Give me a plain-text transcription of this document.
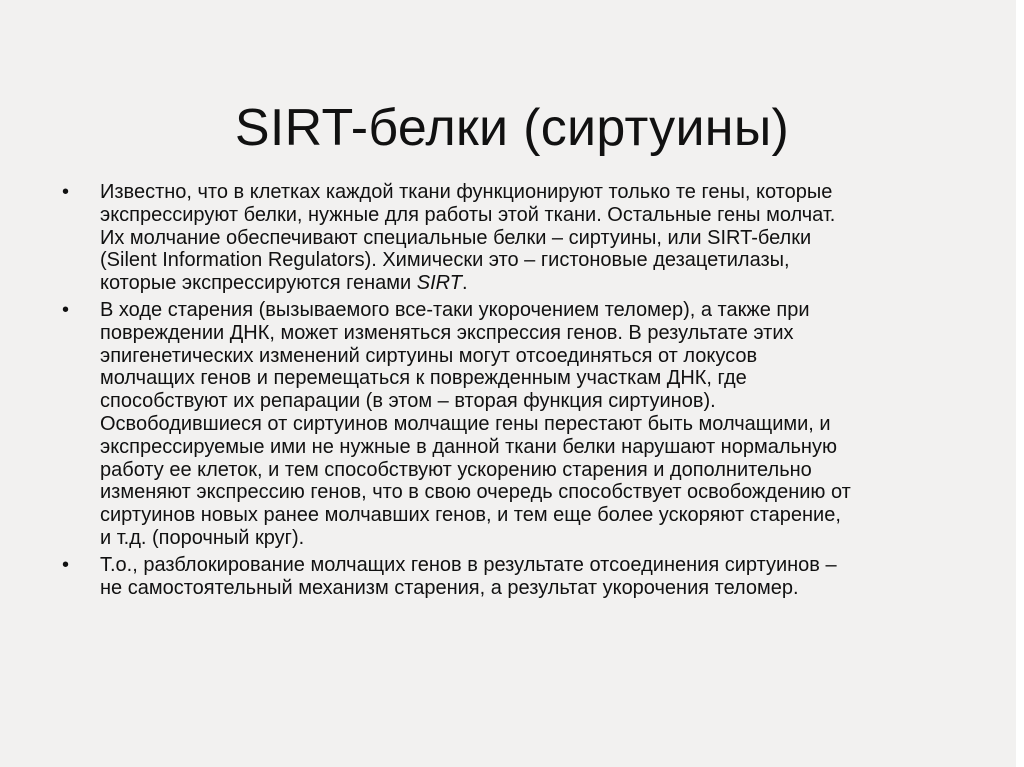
SIRT-белки (сиртуины)
•	Известно, что в клетках каждой ткани функционируют только те гены, которые
экспрессируют белки, нужные для работы этой ткани. Остальные гены молчат.
Их молчание обеспечивают специальные белки – сиртуины, или SIRT-белки
(Silent Information Regulators). Химически это – гистоновые дезацетилазы,
которые экспрессируются генами SIRT.
•	В ходе старения (вызываемого все-таки укорочением теломер), а также при
повреждении ДНК, может изменяться экспрессия генов. В результате этих
эпигенетических изменений сиртуины могут отсоединяться от локусов
молчащих генов и перемещаться к поврежденным участкам ДНК, где
способствуют их репарации (в этом – вторая функция сиртуинов).
Освободившиеся от сиртуинов молчащие гены перестают быть молчащими, и
экспрессируемые ими не нужные в данной ткани белки нарушают нормальную
работу ее клеток, и тем способствуют ускорению старения и дополнительно
изменяют экспрессию генов, что в свою очередь способствует освобождению от
сиртуинов новых ранее молчавших генов, и тем еще более ускоряют старение,
и т.д. (порочный круг).
•	Т.о., разблокирование молчащих генов в результате отсоединения сиртуинов –
не самостоятельный механизм старения, а результат укорочения теломер.
